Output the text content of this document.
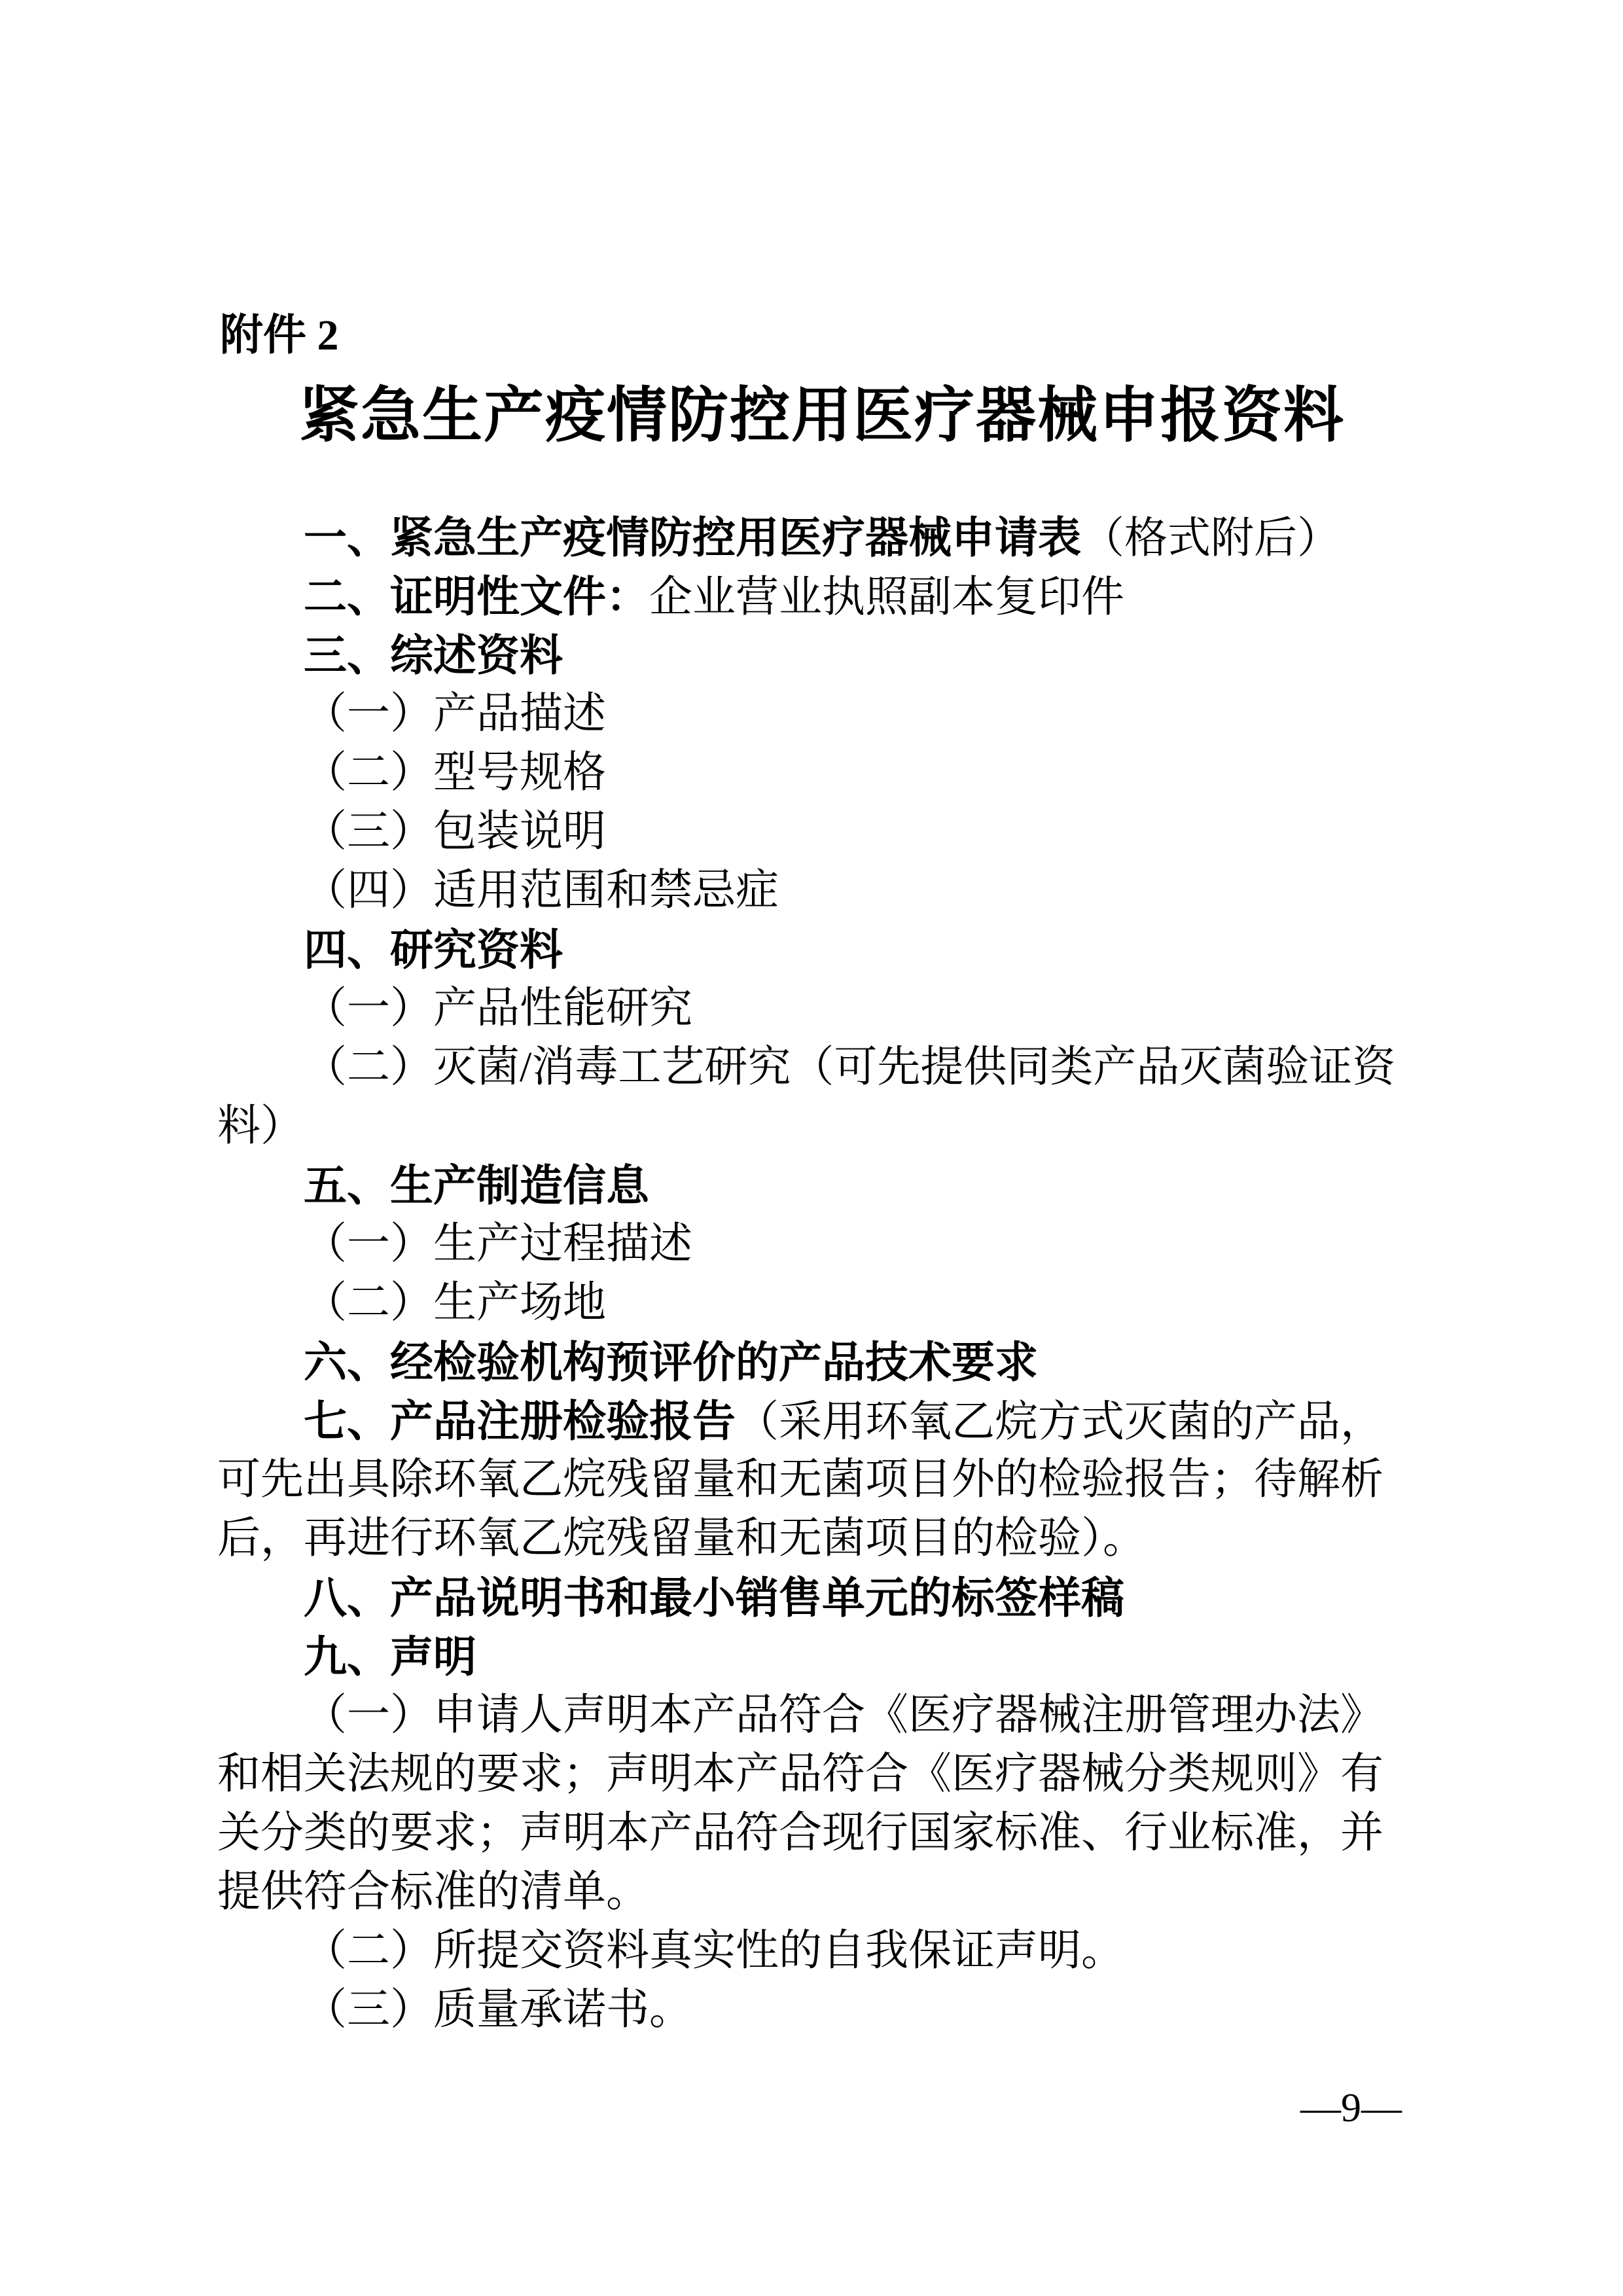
附件 2
紧急生产疫情防控用医疗器械申报资料
一、紧急生产疫情防控用医疗器械申请表（格式附后）
二、证明性文件：企业营业执照副本复印件
三、综述资料
（一）产品描述
（二）型号规格
（三）包装说明
（四）适用范围和禁忌症
四、研究资料
（一）产品性能研究
（二）灭菌/消毒工艺研究（可先提供同类产品灭菌验证资
料）
五、生产制造信息
（一）生产过程描述
（二）生产场地
六、经检验机构预评价的产品技术要求
七、产品注册检验报告（采用环氧乙烷方式灭菌的产品，
可先出具除环氧乙烷残留量和无菌项目外的检验报告；待解析
后，再进行环氧乙烷残留量和无菌项目的检验）。
八、产品说明书和最小销售单元的标签样稿
九、声明
（一）申请人声明本产品符合《医疗器械注册管理办法》
和相关法规的要求；声明本产品符合《医疗器械分类规则》有
关分类的要求；声明本产品符合现行国家标准、行业标准，并
提供符合标准的清单。
（二）所提交资料真实性的自我保证声明。
（三）质量承诺书。
—9—
